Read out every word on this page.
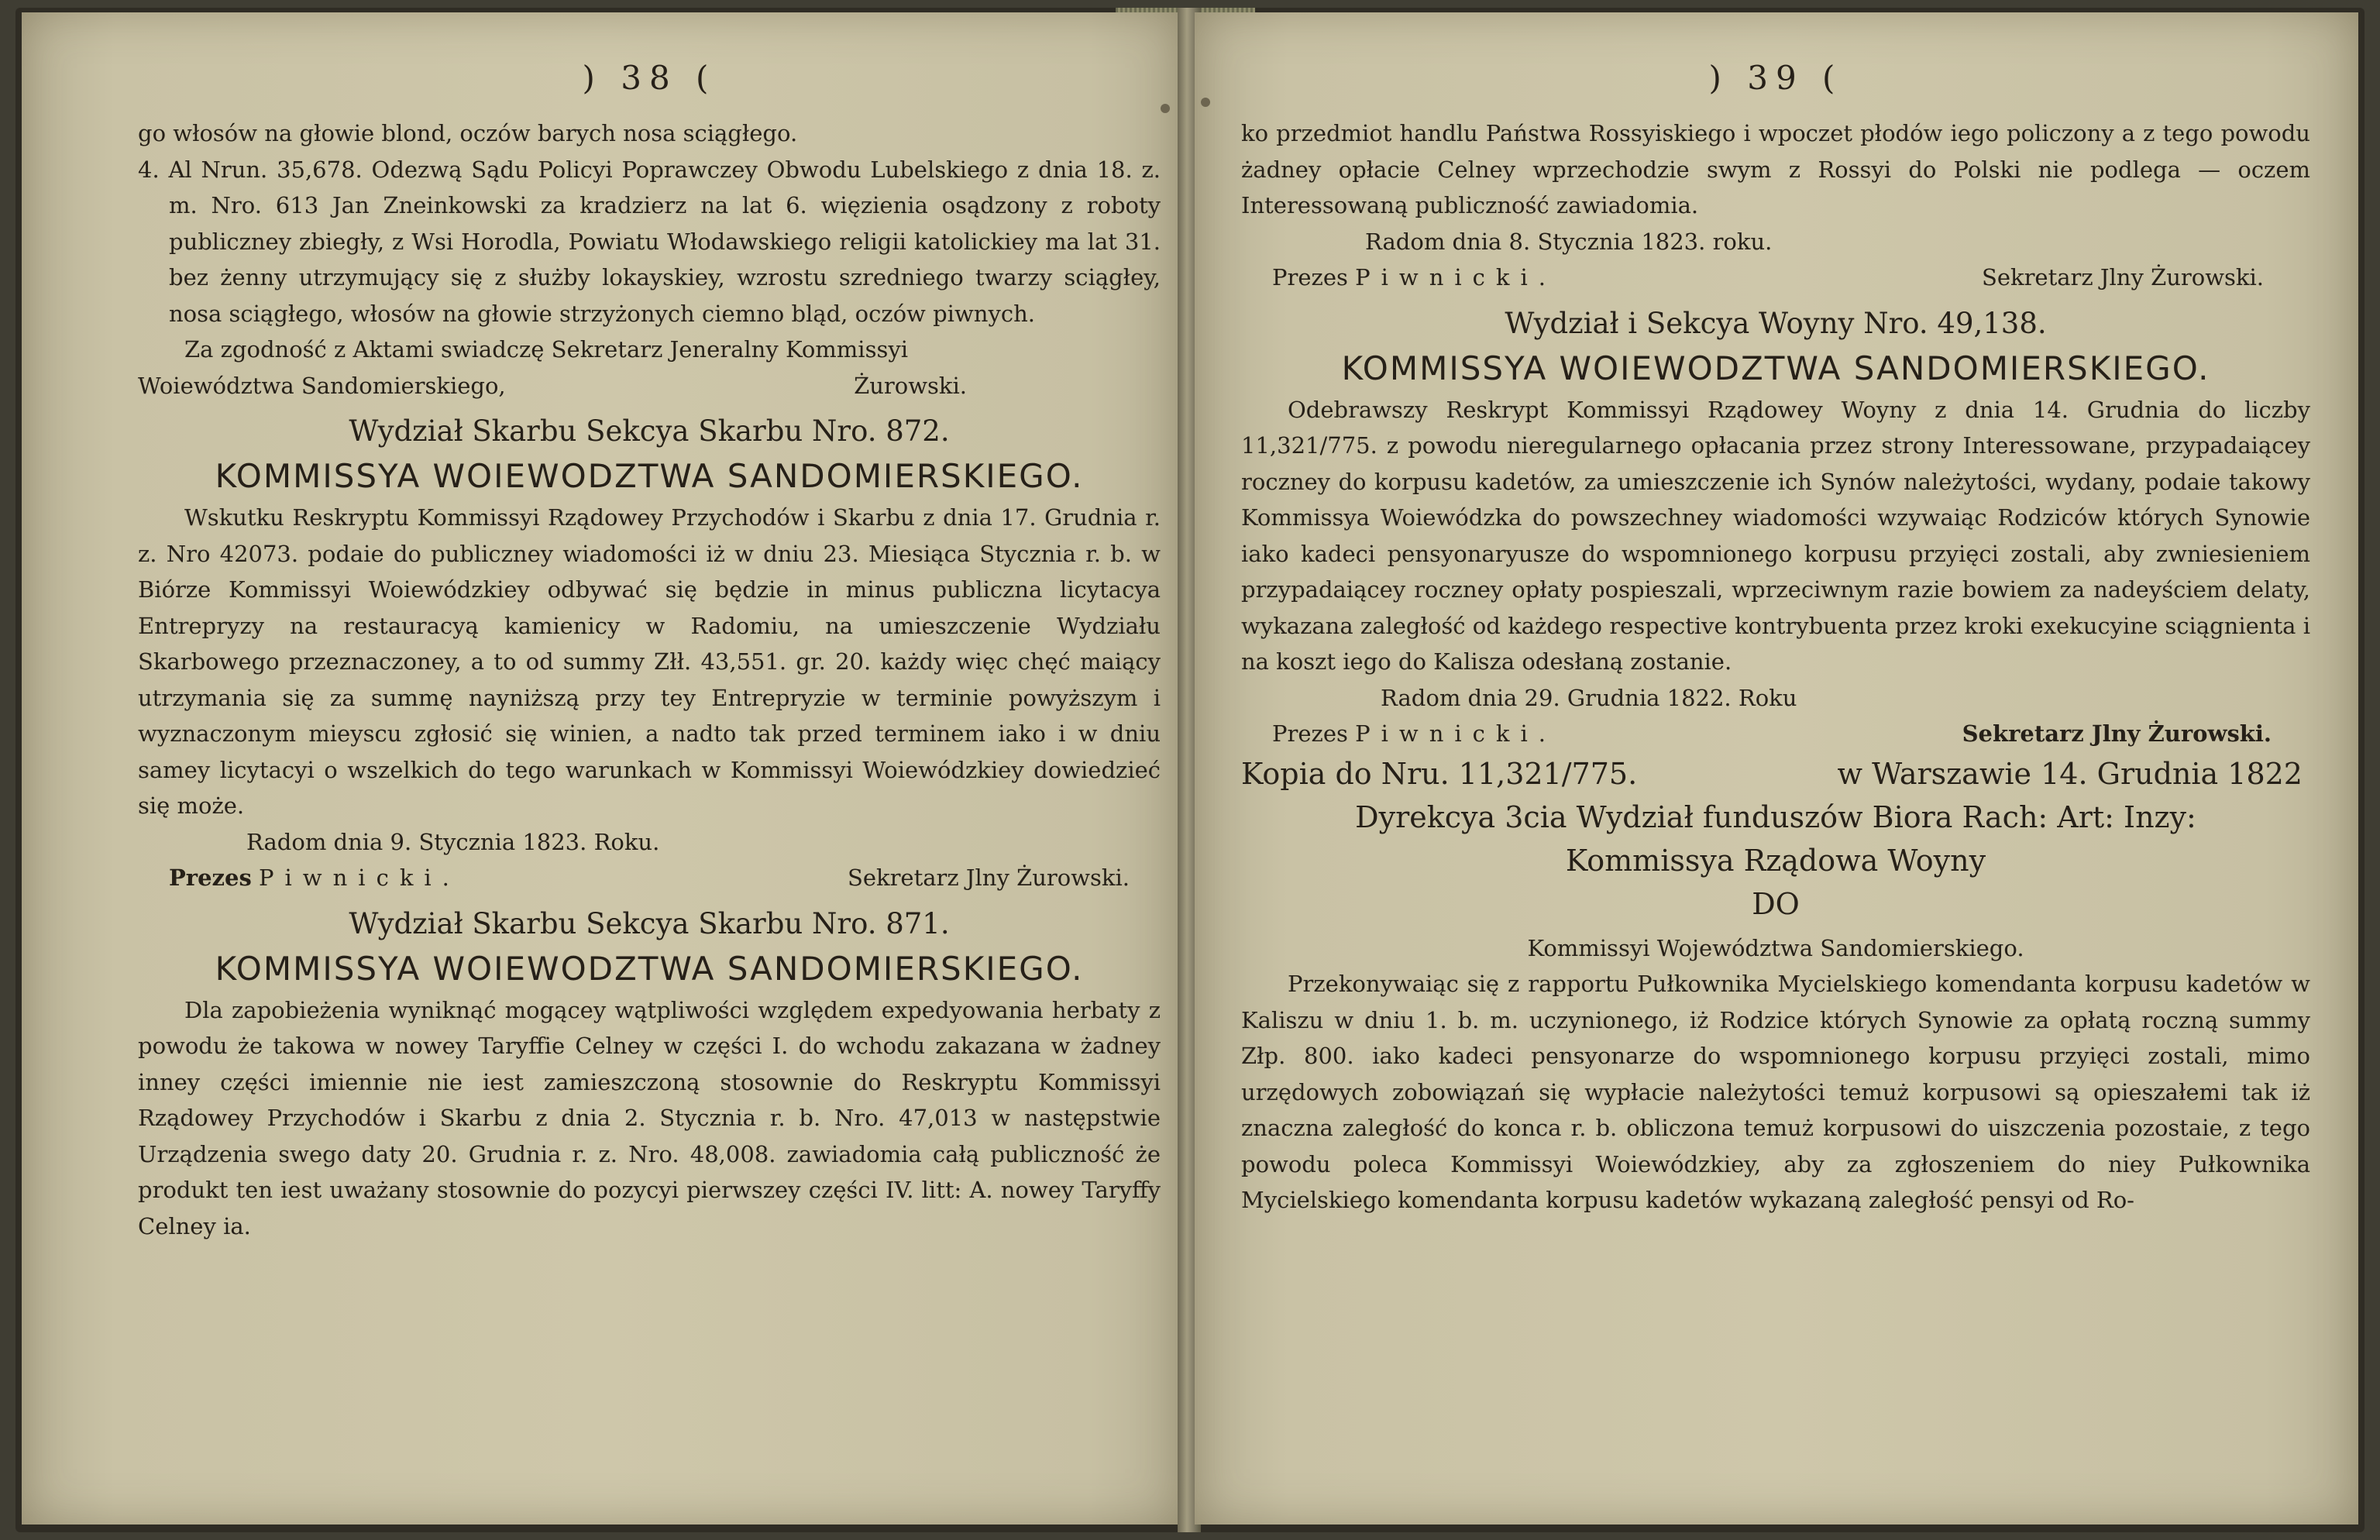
) 38 (

go włosów na głowie blond, oczów barych nosa sciągłego.

4. Al Nrun. 35,678. Odezwą Sądu Policyi Poprawczey Obwodu Lubelskiego z dnia 18. z. m. Nro. 613 Jan Zneinkowski za kradzierz na lat 6. więzienia osądzony z roboty publiczney zbiegły, z Wsi Horodla, Powiatu Włodawskiego religii katolickiey ma lat 31. bez żenny utrzymujący się z służby lokayskiey, wzrostu szredniego twarzy sciągłey, nosa sciągłego, włosów na głowie strzyżonych ciemno bląd, oczów piwnych.

Za zgodność z Aktami swiadczę Sekretarz Jeneralny Kommissyi
Woiewództwa Sandomierskiego,	Żurowski.
Wydział Skarbu Sekcya Skarbu Nro. 872.
KOMMISSYA WOIEWODZTWA SANDOMIERSKIEGO.

Wskutku Reskryptu Kommissyi Rządowey Przychodów i Skarbu z dnia 17. Grudnia r. z. Nro 42073. podaie do publiczney wiadomości iż w dniu 23. Miesiąca Stycznia r. b. w Biórze Kommissyi Woiewódzkiey odbywać się będzie in minus publiczna licytacya Entrepryzy na restauracyą kamienicy w Radomiu, na umieszczenie Wydziału Skarbowego przeznaczoney, a to od summy Złł. 43,551. gr. 20. każdy więc chęć maiący utrzymania się za summę nayniższą przy tey Entrepryzie w terminie powyższym i wyznaczonym mieyscu zgłosić się winien, a nadto tak przed terminem iako i w dniu samey licytacyi o wszelkich do tego warunkach w Kommissyi Woiewódzkiey dowiedzieć się może.

Radom dnia 9. Stycznia 1823. Roku.
Prezes Piwnicki.	Sekretarz Jlny Żurowski.
Wydział Skarbu Sekcya Skarbu Nro. 871.
KOMMISSYA WOIEWODZTWA SANDOMIERSKIEGO.

Dla zapobieżenia wyniknąć mogącey wątpliwości względem expedyowania herbaty z powodu że takowa w nowey Taryffie Celney w części I. do wchodu zakazana w żadney inney części imiennie nie iest zamieszczoną stosownie do Reskryptu Kommissyi Rządowey Przychodów i Skarbu z dnia 2. Stycznia r. b. Nro. 47,013 w następstwie Urządzenia swego daty 20. Grudnia r. z. Nro. 48,008. zawiadomia całą publiczność że produkt ten iest uważany stosownie do pozycyi pierwszey części IV. litt: A. nowey Taryffy Celney ia.

) 39 (

ko przedmiot handlu Państwa Rossyiskiego i wpoczet płodów iego policzony a z tego powodu żadney opłacie Celney wprzechodzie swym z Rossyi do Polski nie podlega — oczem Interessowaną publiczność zawiadomia.

Radom dnia 8. Stycznia 1823. roku.
Prezes Piwnicki.	Sekretarz Jlny Żurowski.
Wydział i Sekcya Woyny Nro. 49,138.
KOMMISSYA WOIEWODZTWA SANDOMIERSKIEGO.

Odebrawszy Reskrypt Kommissyi Rządowey Woyny z dnia 14. Grudnia do liczby 11,321/775. z powodu nieregularnego opłacania przez strony Interessowane, przypadaiącey roczney do korpusu kadetów, za umieszczenie ich Synów należytości, wydany, podaie takowy Kommissya Woiewódzka do powszechney wiadomości wzywaiąc Rodziców których Synowie iako kadeci pensyonaryusze do wspomnionego korpusu przyięci zostali, aby zwniesieniem przypadaiącey roczney opłaty pospieszali, wprzeciwnym razie bowiem za nadeyściem delaty, wykazana zaległość od każdego respective kontrybuenta przez kroki exekucyine sciągnienta i na koszt iego do Kalisza odesłaną zostanie.

Radom dnia 29. Grudnia 1822. Roku
Prezes Piwnicki.	Sekretarz Jlny Żurowski.
Kopia do Nru. 11,321/775.	w Warszawie 14. Grudnia 1822
Dyrekcya 3cia Wydział funduszów Biora Rach: Art: Inzy:
Kommissya Rządowa Woyny
DO
Kommissyi Województwa Sandomierskiego.

Przekonywaiąc się z rapportu Pułkownika Mycielskiego komendanta korpusu kadetów w Kaliszu w dniu 1. b. m. uczynionego, iż Rodzice których Synowie za opłatą roczną summy Złp. 800. iako kadeci pensyonarze do wspomnionego korpusu przyięci zostali, mimo urzędowych zobowiązań się wypłacie należytości temuż korpusowi są opieszałemi tak iż znaczna zaległość do konca r. b. obliczona temuż korpusowi do uiszczenia pozostaie, z tego powodu poleca Kommissyi Woiewódzkiey, aby za zgłoszeniem do niey Pułkownika Mycielskiego komendanta korpusu kadetów wykazaną zaległość pensyi od Ro-
